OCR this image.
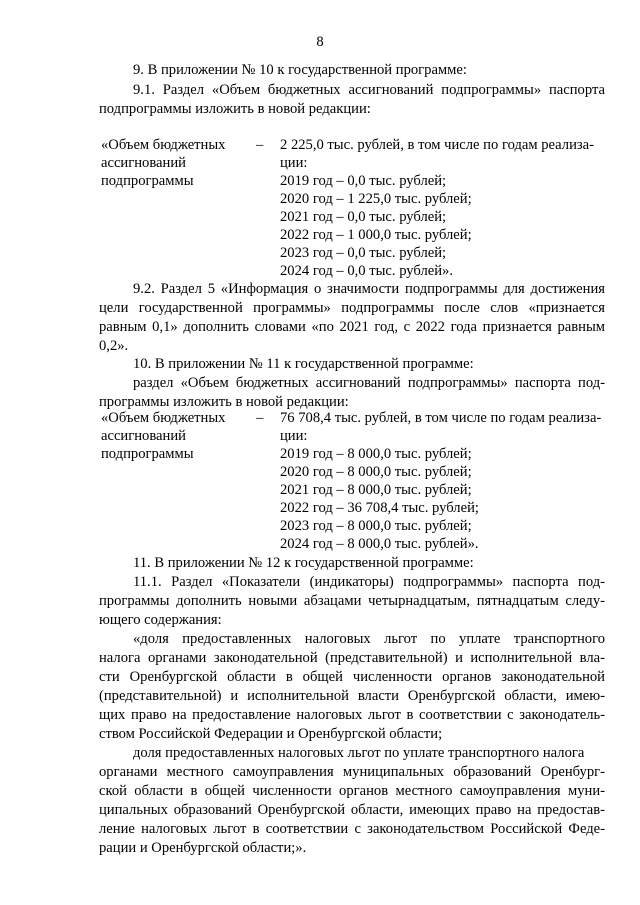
8
9. В приложении № 10 к государственной программе:
9.1. Раздел «Объем бюджетных ассигнований подпрограммы» паспорта
подпрограммы изложить в новой редакции:
«Объем бюджетных
ассигнований
подпрограммы
– 2 225,0 тыс. рублей, в том числе по годам реализа-
ции:
2019 год – 0,0 тыс. рублей;
2020 год – 1 225,0 тыс. рублей;
2021 год – 0,0 тыс. рублей;
2022 год – 1 000,0 тыс. рублей;
2023 год – 0,0 тыс. рублей;
2024 год – 0,0 тыс. рублей».
9.2. Раздел 5 «Информация о значимости подпрограммы для достижения
цели государственной программы» подпрограммы после слов «признается
равным 0,1» дополнить словами «по 2021 год, с 2022 года признается равным
0,2».
10. В приложении № 11 к государственной программе:
раздел «Объем бюджетных ассигнований подпрограммы» паспорта под-
программы изложить в новой редакции:
«Объем бюджетных
ассигнований
подпрограммы
– 76 708,4 тыс. рублей, в том числе по годам реализа-
ции:
2019 год – 8 000,0 тыс. рублей;
2020 год – 8 000,0 тыс. рублей;
2021 год – 8 000,0 тыс. рублей;
2022 год – 36 708,4 тыс. рублей;
2023 год – 8 000,0 тыс. рублей;
2024 год – 8 000,0 тыс. рублей».
11. В приложении № 12 к государственной программе:
11.1. Раздел «Показатели (индикаторы) подпрограммы» паспорта под-
программы дополнить новыми абзацами четырнадцатым, пятнадцатым следу-
ющего содержания:
«доля предоставленных налоговых льгот по уплате транспортного
налога органами законодательной (представительной) и исполнительной вла-
сти Оренбургской области в общей численности органов законодательной
(представительной) и исполнительной власти Оренбургской области, имею-
щих право на предоставление налоговых льгот в соответствии с законодатель-
ством Российской Федерации и Оренбургской области;
доля предоставленных налоговых льгот по уплате транспортного налога
органами местного самоуправления муниципальных образований Оренбург-
ской области в общей численности органов местного самоуправления муни-
ципальных образований Оренбургской области, имеющих право на предостав-
ление налоговых льгот в соответствии с законодательством Российской Феде-
рации и Оренбургской области;».
